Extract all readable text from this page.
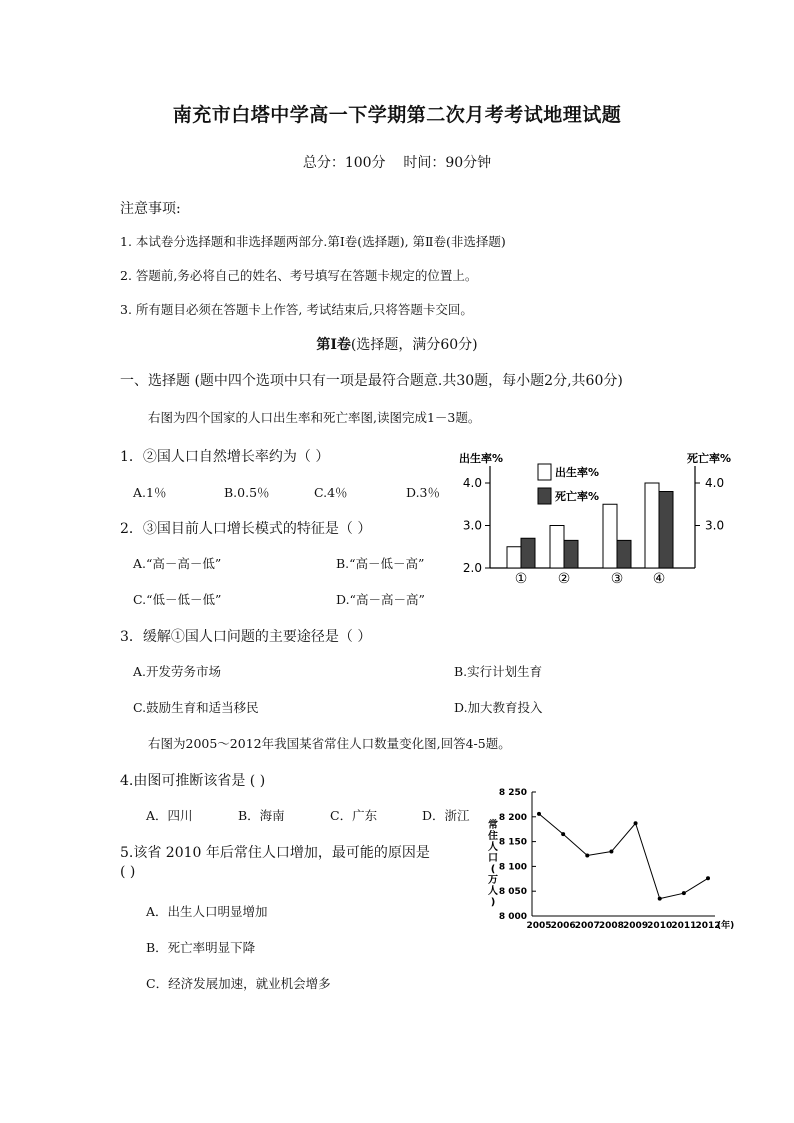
南充市白塔中学高一下学期第二次月考考试地理试题
总分：100分    时间：90分钟
注意事项:
1. 本试卷分选择题和非选择题两部分.第Ⅰ卷(选择题), 第Ⅱ卷(非选择题)
2. 答题前,务必将自己的姓名、考号填写在答题卡规定的位置上。
3. 所有题目必须在答题卡上作答, 考试结束后,只将答题卡交回。
第Ⅰ卷(选择题，满分60分)
一、选择题 (题中四个选项中只有一项是最符合题意.共30题，每小题2分,共60分)
右图为四个国家的人口出生率和死亡率图,读图完成1－3题。
1．②国人口自然增长率约为（ ）
A.1％	B.0.5％	C.4％	D.3％
2．③国目前人口增长模式的特征是（ ）
A.“高－高－低”	B.“高－低－高”
C.“低－低－低”	D.“高－高－高”
3．缓解①国人口问题的主要途径是（ ）
A.开发劳务市场	B.实行计划生育
C.鼓励生育和适当移民	D.加大教育投入
右图为2005～2012年我国某省常住人口数量变化图,回答4-5题。
4.由图可推断该省是 ( )
A．四川	B．海南	C．广东	D．浙江
5.该省 2010 年后常住人口增加，最可能的原因是
( )
A．出生人口明显增加
B．死亡率明显下降
C．经济发展加速，就业机会增多
出生率%	死亡率%
2.0
3.0
4.0
3.0
4.0
① ②	③ ④
出生率%
死亡率%
8 000
8 050
8 100
8 150
8 200
8 250
常
住
人
口
(
万
人
)
2005 2006 2007 2008 2009 2010 2011 2012
(年)
